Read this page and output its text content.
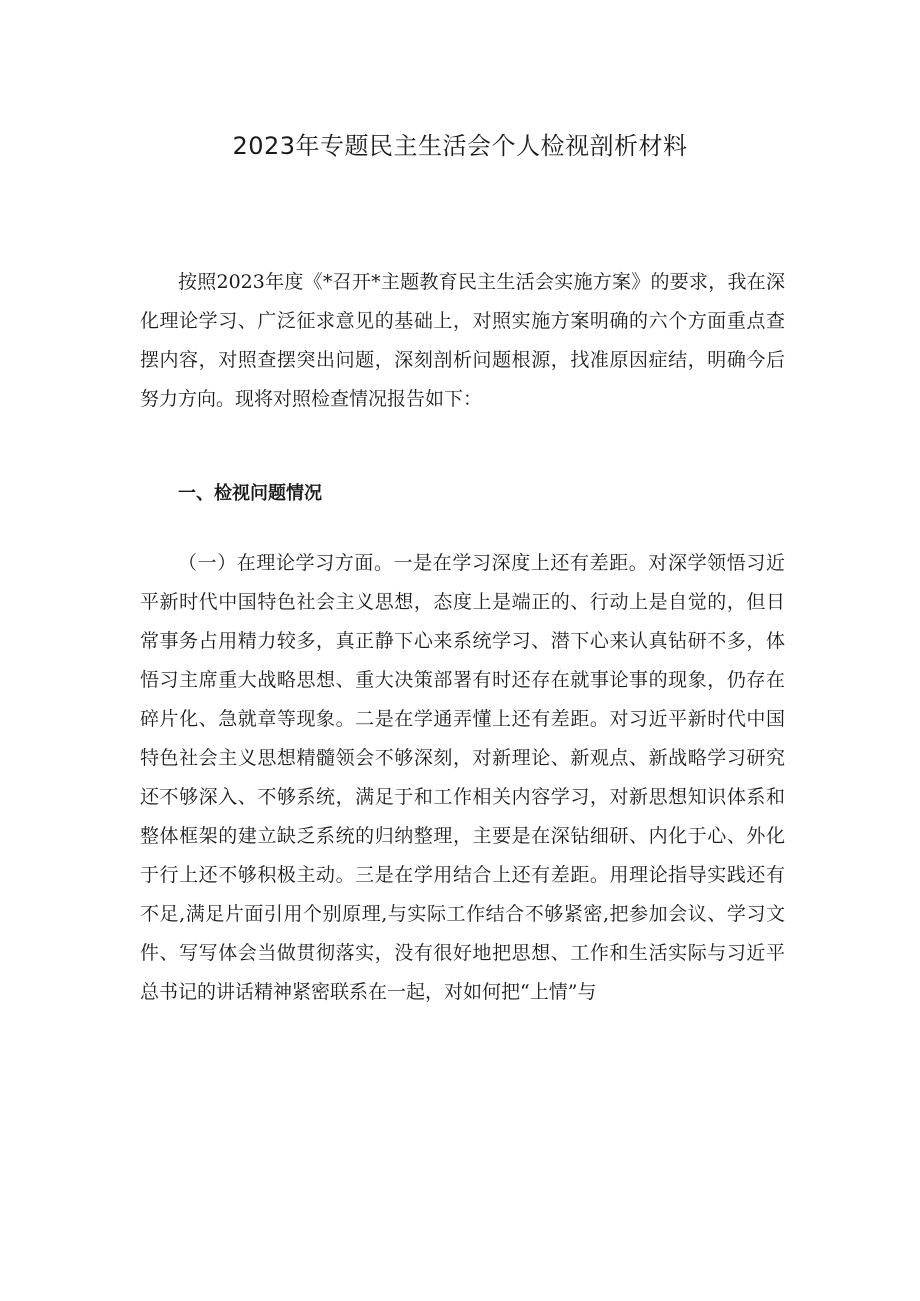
2023年专题民主生活会个人检视剖析材料

按照2023年度《*召开*主题教育民主生活会实施方案》的要求，我在深化理论学习、广泛征求意见的基础上，对照实施方案明确的六个方面重点查摆内容，对照查摆突出问题，深刻剖析问题根源，找准原因症结，明确今后努力方向。现将对照检查情况报告如下：

一、检视问题情况

（一）在理论学习方面。一是在学习深度上还有差距。对深学领悟习近平新时代中国特色社会主义思想，态度上是端正的、行动上是自觉的，但日常事务占用精力较多，真正静下心来系统学习、潜下心来认真钻研不多，体悟习主席重大战略思想、重大决策部署有时还存在就事论事的现象，仍存在碎片化、急就章等现象。二是在学通弄懂上还有差距。对习近平新时代中国特色社会主义思想精髓领会不够深刻，对新理论、新观点、新战略学习研究还不够深入、不够系统，满足于和工作相关内容学习，对新思想知识体系和整体框架的建立缺乏系统的归纳整理，主要是在深钻细研、内化于心、外化于行上还不够积极主动。三是在学用结合上还有差距。用理论指导实践还有不足,满足片面引用个别原理,与实际工作结合不够紧密,把参加会议、学习文件、写写体会当做贯彻落实，没有很好地把思想、工作和生活实际与习近平总书记的讲话精神紧密联系在一起，对如何把“上情”与
